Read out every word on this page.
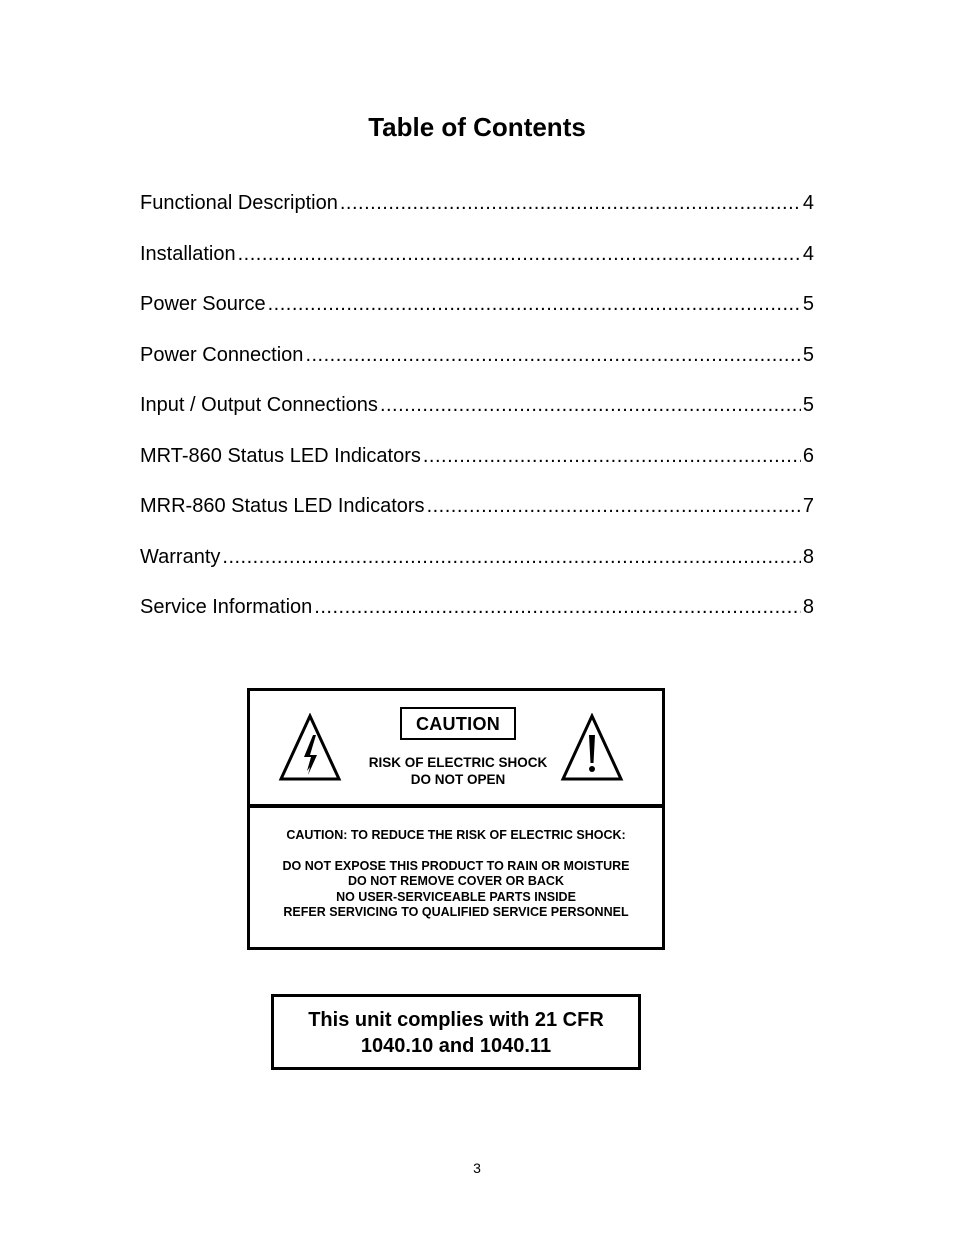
Table of Contents
Functional Description .....	4
Installation .....	4
Power Source .....	5
Power Connection .....	5
Input / Output Connections .....	5
MRT-860 Status LED Indicators .....	6
MRR-860 Status LED Indicators .....	7
Warranty .....	8
Service Information .....	8
CAUTION
RISK OF ELECTRIC SHOCK
DO NOT OPEN
CAUTION: TO REDUCE THE RISK OF ELECTRIC SHOCK:
DO NOT EXPOSE THIS PRODUCT TO RAIN OR MOISTURE
DO NOT REMOVE COVER OR BACK
NO USER-SERVICEABLE PARTS INSIDE
REFER SERVICING TO QUALIFIED SERVICE PERSONNEL
This unit complies with 21 CFR
1040.10 and 1040.11
3
